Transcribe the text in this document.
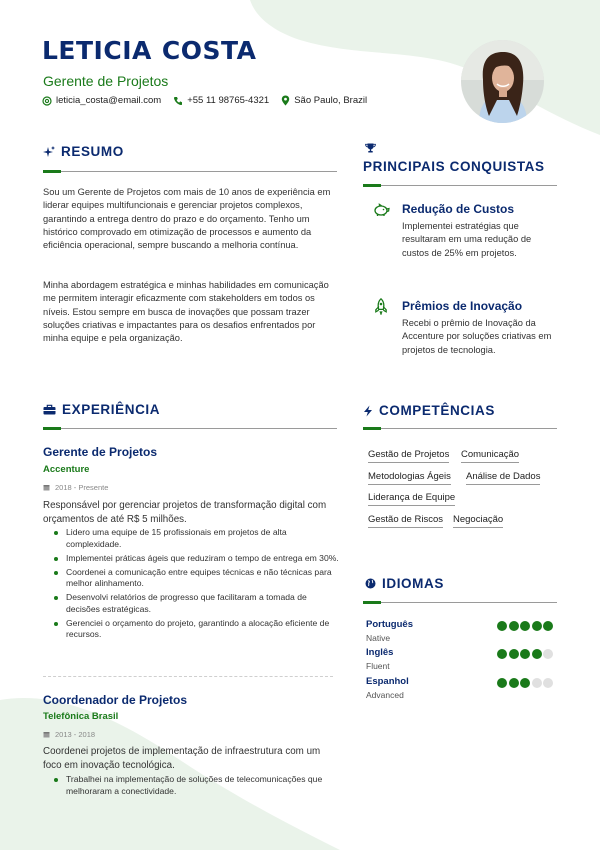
LETICIA COSTA
Gerente de Projetos
leticia_costa@email.com	+55 11 98765-4321	São Paulo, Brazil
RESUMO
Sou um Gerente de Projetos com mais de 10 anos de experiência em liderar equipes multifuncionais e gerenciar projetos complexos, garantindo a entrega dentro do prazo e do orçamento. Tenho um histórico comprovado em otimização de processos e aumento da eficiência operacional, sempre buscando a melhoria contínua.
Minha abordagem estratégica e minhas habilidades em comunicação me permitem interagir eficazmente com stakeholders em todos os níveis. Estou sempre em busca de inovações que possam trazer soluções criativas e impactantes para os desafios enfrentados por minha equipe e pela organização.
PRINCIPAIS CONQUISTAS
Redução de Custos
Implementei estratégias que resultaram em uma redução de custos de 25% em projetos.
Prêmios de Inovação
Recebi o prêmio de Inovação da Accenture por soluções criativas em projetos de tecnologia.
EXPERIÊNCIA
Gerente de Projetos
Accenture
2018 - Presente
Responsável por gerenciar projetos de transformação digital com orçamentos de até R$ 5 milhões.
Lidero uma equipe de 15 profissionais em projetos de alta complexidade.
Implementei práticas ágeis que reduziram o tempo de entrega em 30%.
Coordenei a comunicação entre equipes técnicas e não técnicas para melhor alinhamento.
Desenvolvi relatórios de progresso que facilitaram a tomada de decisões estratégicas.
Gerenciei o orçamento do projeto, garantindo a alocação eficiente de recursos.
Coordenador de Projetos
Telefônica Brasil
2013 - 2018
Coordenei projetos de implementação de infraestrutura com um foco em inovação tecnológica.
Trabalhei na implementação de soluções de telecomunicações que melhoraram a conectividade.
COMPETÊNCIAS
Gestão de Projetos Comunicação
Metodologias Ágeis Análise de Dados
Liderança de Equipe
Gestão de Riscos Negociação
IDIOMAS
Português
Native
Inglês
Fluent
Espanhol
Advanced
